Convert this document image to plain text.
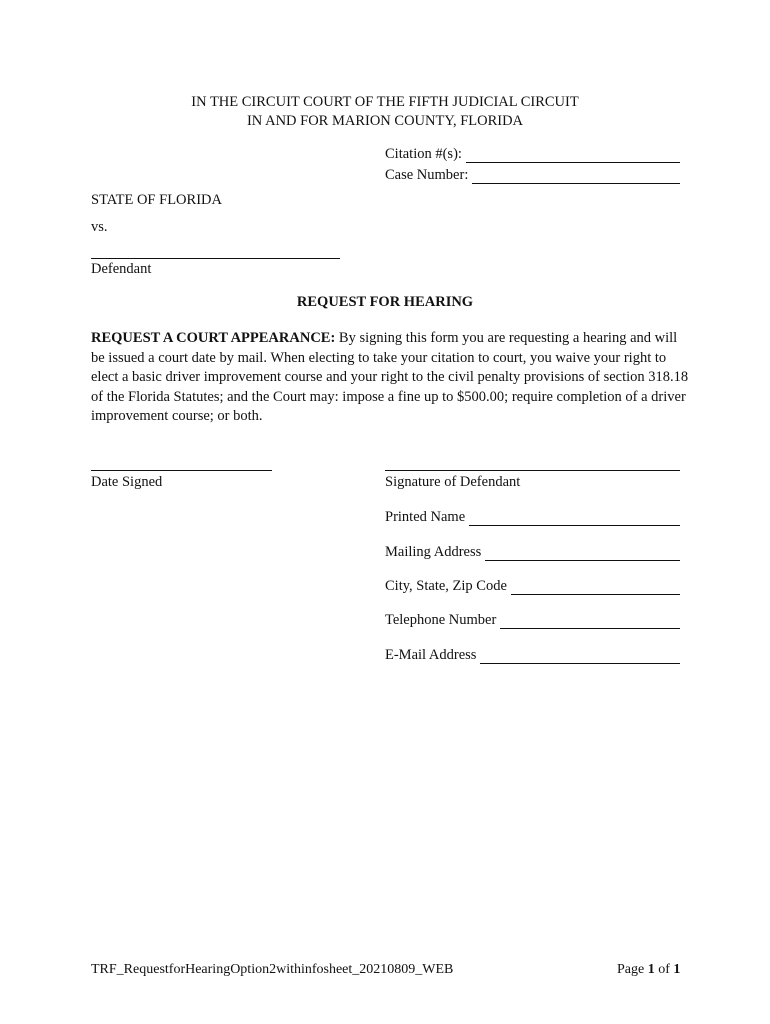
IN THE CIRCUIT COURT OF THE FIFTH JUDICIAL CIRCUIT
IN AND FOR MARION COUNTY, FLORIDA
Citation #(s):
Case Number:
STATE OF FLORIDA
vs.
Defendant
REQUEST FOR HEARING
REQUEST A COURT APPEARANCE: By signing this form you are requesting a hearing and will be issued a court date by mail. When electing to take your citation to court, you waive your right to elect a basic driver improvement course and your right to the civil penalty provisions of section 318.18 of the Florida Statutes; and the Court may: impose a fine up to $500.00; require completion of a driver improvement course; or both.
Date Signed	Signature of Defendant
Printed Name
Mailing Address
City, State, Zip Code
Telephone Number
E-Mail Address
TRF_RequestforHearingOption2withinfosheet_20210809_WEB	Page 1 of 1
